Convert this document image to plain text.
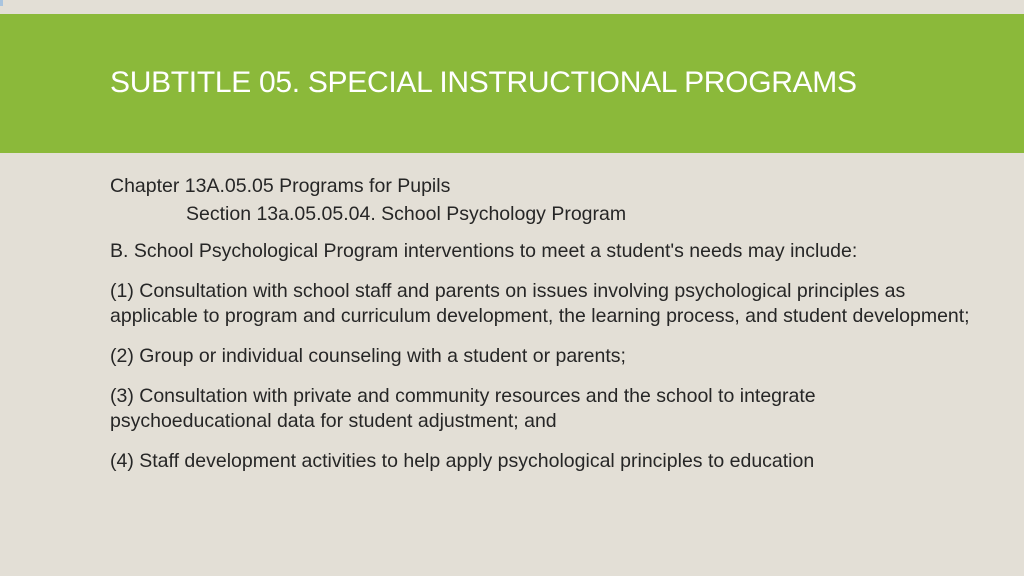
SUBTITLE 05. SPECIAL INSTRUCTIONAL PROGRAMS

Chapter 13A.05.05 Programs for Pupils

Section 13a.05.05.04. School Psychology Program

B. School Psychological Program interventions to meet a student's needs may include:

(1) Consultation with school staff and parents on issues involving psychological principles as applicable to program and curriculum development, the learning process, and student development;

(2) Group or individual counseling with a student or parents;

(3) Consultation with private and community resources and the school to integrate psychoeducational data for student adjustment; and

(4) Staff development activities to help apply psychological principles to education
